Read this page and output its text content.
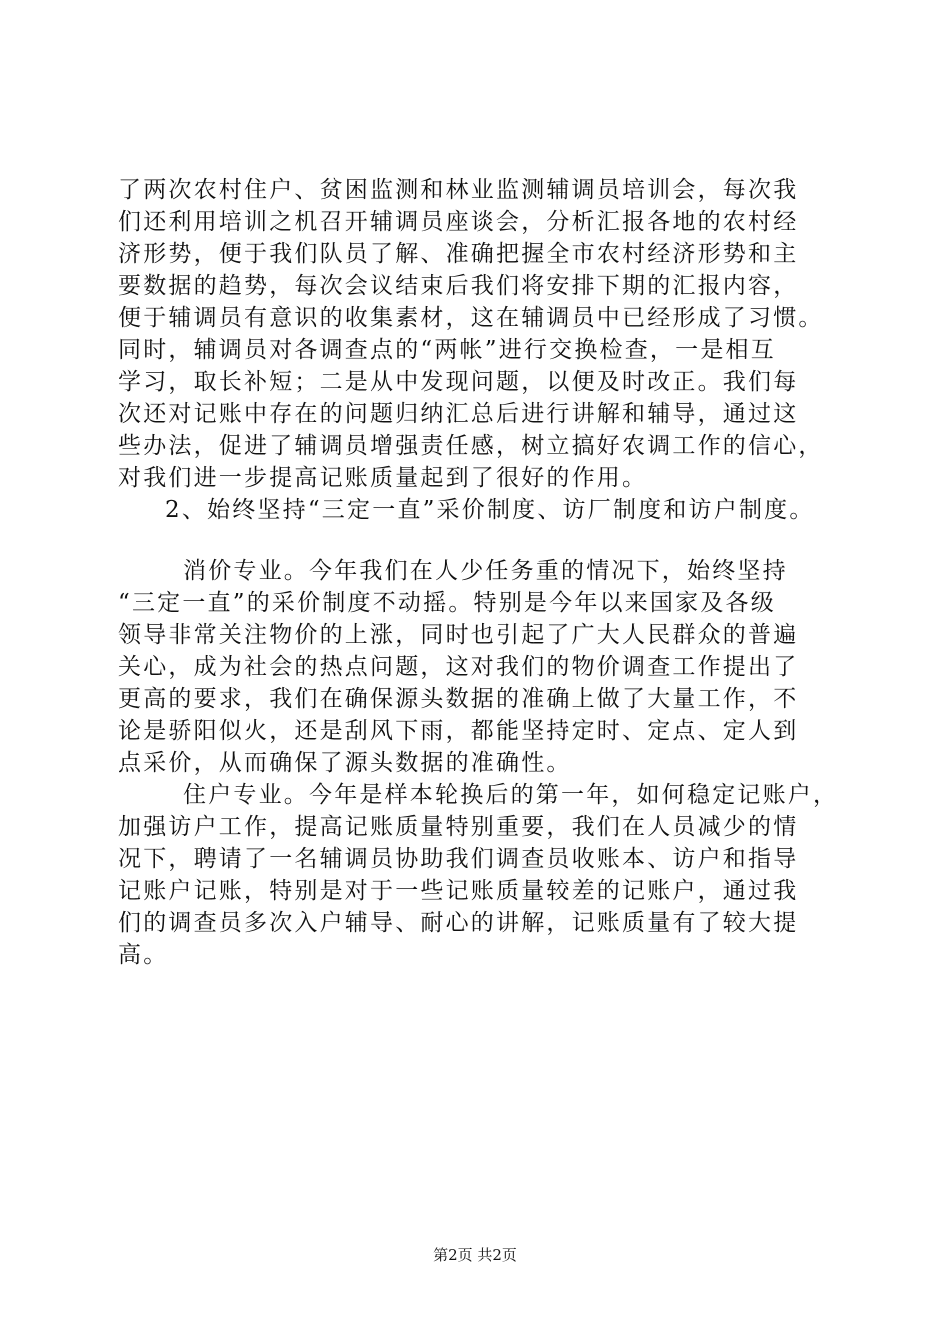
了两次农村住户、贫困监测和林业监测辅调员培训会，每次我
们还利用培训之机召开辅调员座谈会，分析汇报各地的农村经
济形势，便于我们队员了解、准确把握全市农村经济形势和主
要数据的趋势，每次会议结束后我们将安排下期的汇报内容，
便于辅调员有意识的收集素材，这在辅调员中已经形成了习惯。
同时，辅调员对各调查点的“两帐”进行交换检查，一是相互
学习，取长补短；二是从中发现问题，以便及时改正。我们每
次还对记账中存在的问题归纳汇总后进行讲解和辅导，通过这
些办法，促进了辅调员增强责任感，树立搞好农调工作的信心，
对我们进一步提高记账质量起到了很好的作用。
2、始终坚持“三定一直”采价制度、访厂制度和访户制度。
消价专业。今年我们在人少任务重的情况下，始终坚持
“三定一直”的采价制度不动摇。特别是今年以来国家及各级
领导非常关注物价的上涨，同时也引起了广大人民群众的普遍
关心，成为社会的热点问题，这对我们的物价调查工作提出了
更高的要求，我们在确保源头数据的准确上做了大量工作，不
论是骄阳似火，还是刮风下雨，都能坚持定时、定点、定人到
点采价，从而确保了源头数据的准确性。
住户专业。今年是样本轮换后的第一年，如何稳定记账户，
加强访户工作，提高记账质量特别重要，我们在人员减少的情
况下，聘请了一名辅调员协助我们调查员收账本、访户和指导
记账户记账，特别是对于一些记账质量较差的记账户，通过我
们的调查员多次入户辅导、耐心的讲解，记账质量有了较大提
高。
第2页 共2页
